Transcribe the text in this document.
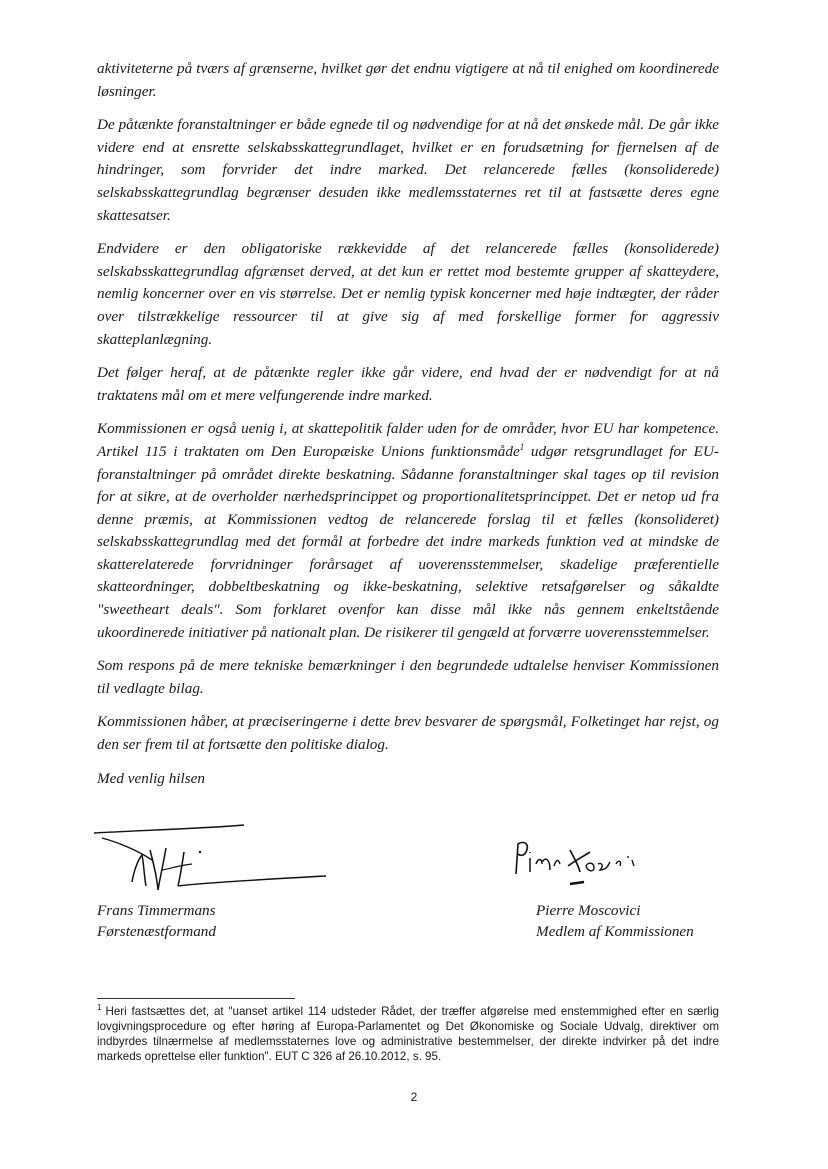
aktiviteterne på tværs af grænserne, hvilket gør det endnu vigtigere at nå til enighed om koordinerede løsninger.

De påtænkte foranstaltninger er både egnede til og nødvendige for at nå det ønskede mål. De går ikke videre end at ensrette selskabsskattegrundlaget, hvilket er en forudsætning for fjernelsen af de hindringer, som forvrider det indre marked. Det relancerede fælles (konsoliderede) selskabsskattegrundlag begrænser desuden ikke medlemsstaternes ret til at fastsætte deres egne skattesatser.

Endvidere er den obligatoriske rækkevidde af det relancerede fælles (konsoliderede) selskabsskattegrundlag afgrænset derved, at det kun er rettet mod bestemte grupper af skatteydere, nemlig koncerner over en vis størrelse. Det er nemlig typisk koncerner med høje indtægter, der råder over tilstrækkelige ressourcer til at give sig af med forskellige former for aggressiv skatteplanlægning.

Det følger heraf, at de påtænkte regler ikke går videre, end hvad der er nødvendigt for at nå traktatens mål om et mere velfungerende indre marked.

Kommissionen er også uenig i, at skattepolitik falder uden for de områder, hvor EU har kompetence. Artikel 115 i traktaten om Den Europæiske Unions funktionsmåde$^1$ udgør retsgrundlaget for EU-foranstaltninger på området direkte beskatning. Sådanne foranstaltninger skal tages op til revision for at sikre, at de overholder nærhedsprincippet og proportionalitetsprincippet. Det er netop ud fra denne præmis, at Kommissionen vedtog de relancerede forslag til et fælles (konsolideret) selskabsskattegrundlag med det formål at forbedre det indre markeds funktion ved at mindske de skatterelaterede forvridninger forårsaget af uoverensstemmelser, skadelige præferentielle skatteordninger, dobbeltbeskatning og ikke-beskatning, selektive retsafgørelser og såkaldte "sweetheart deals". Som forklaret ovenfor kan disse mål ikke nås gennem enkeltstående ukoordinerede initiativer på nationalt plan. De risikerer til gengæld at forværre uoverensstemmelser.

Som respons på de mere tekniske bemærkninger i den begrundede udtalelse henviser Kommissionen til vedlagte bilag.

Kommissionen håber, at præciseringerne i dette brev besvarer de spørgsmål, Folketinget har rejst, og den ser frem til at fortsætte den politiske dialog.

Med venlig hilsen

Frans Timmermans
Førstenæstformand
Pierre Moscovici
Medlem af Kommissionen
$^1$ Heri fastsættes det, at "uanset artikel 114 udsteder Rådet, der træffer afgørelse med enstemmighed efter en særlig lovgivningsprocedure og efter høring af Europa-Parlamentet og Det Økonomiske og Sociale Udvalg, direktiver om indbyrdes tilnærmelse af medlemsstaternes love og administrative bestemmelser, der direkte indvirker på det indre markeds oprettelse eller funktion". EUT C 326 af 26.10.2012, s. 95.
2
